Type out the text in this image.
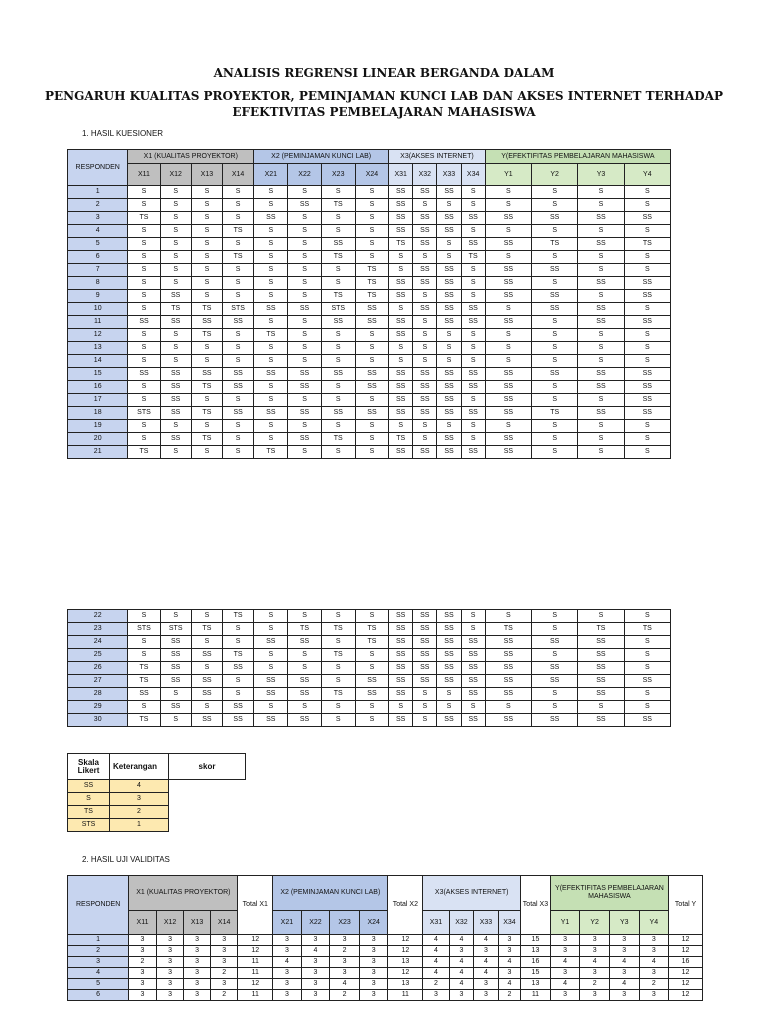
ANALISIS REGRENSI LINEAR BERGANDA DALAM
PENGARUH KUALITAS PROYEKTOR, PEMINJAMAN KUNCI LAB DAN AKSES INTERNET TERHADAP
EFEKTIVITAS PEMBELAJARAN MAHASISWA
1. HASIL KUESIONER
RESPONDEN	X1 (KUALITAS PROYEKTOR)				X2 (PEMINJAMAN KUNCI LAB)				X3(AKSES INTERNET)				Y(EFEKTIFITAS PEMBELAJARAN MAHASISWA			
	X11	X12	X13	X14	X21	X22	X23	X24	X31	X32	X33	X34	Y1	Y2	Y3	Y4
1	S	S	S	S	S	S	S	S	SS	SS	SS	S	S	S	S	S
2	S	S	S	S	S	SS	TS	S	SS	S	S	S	S	S	S	S
3	TS	S	S	S	SS	S	S	S	SS	SS	SS	SS	SS	SS	SS	SS
4	S	S	S	TS	S	S	S	S	SS	SS	SS	S	S	S	S	S
5	S	S	S	S	S	S	SS	S	TS	SS	S	SS	SS	TS	SS	TS
6	S	S	S	TS	S	S	TS	S	S	S	S	TS	S	S	S	S
7	S	S	S	S	S	S	S	TS	S	SS	SS	S	SS	SS	S	S
8	S	S	S	S	S	S	S	TS	SS	SS	SS	S	SS	S	SS	SS
9	S	SS	S	S	S	S	TS	TS	SS	S	SS	S	SS	SS	S	SS
10	S	TS	TS	STS	SS	SS	STS	SS	S	SS	SS	SS	S	SS	SS	S
11	SS	SS	SS	SS	S	S	SS	SS	SS	S	SS	SS	SS	S	SS	SS
12	S	S	TS	S	TS	S	S	S	SS	S	S	S	S	S	S	S
13	S	S	S	S	S	S	S	S	S	S	S	S	S	S	S	S
14	S	S	S	S	S	S	S	S	S	S	S	S	S	S	S	S
15	SS	SS	SS	SS	SS	SS	SS	SS	SS	SS	SS	SS	SS	SS	SS	SS
16	S	SS	TS	SS	S	SS	S	SS	SS	SS	SS	SS	SS	S	SS	SS
17	S	SS	S	S	S	S	S	S	SS	SS	SS	S	SS	S	S	SS
18	STS	SS	TS	SS	SS	SS	SS	SS	SS	SS	SS	SS	SS	TS	SS	SS
19	S	S	S	S	S	S	S	S	S	S	S	S	S	S	S	S
20	S	SS	TS	S	S	SS	TS	S	TS	S	SS	S	SS	S	S	S
21	TS	S	S	S	TS	S	S	S	SS	SS	SS	SS	SS	S	S	S
22	S	S	S	TS	S	S	S	S	SS	SS	SS	S	S	S	S	S
23	STS	STS	TS	S	S	TS	TS	TS	SS	SS	SS	S	TS	S	TS	TS
24	S	SS	S	S	SS	SS	S	TS	SS	SS	SS	SS	SS	SS	SS	S
25	S	SS	SS	TS	S	S	TS	S	SS	SS	SS	SS	SS	S	SS	S
26	TS	SS	S	SS	S	S	S	S	SS	SS	SS	SS	SS	SS	SS	S
27	TS	SS	SS	S	SS	SS	S	SS	SS	SS	SS	SS	SS	SS	SS	SS
28	SS	S	SS	S	SS	SS	TS	SS	SS	S	S	SS	SS	S	SS	S
29	S	SS	S	SS	S	S	S	S	S	S	S	S	S	S	S	S
30	TS	S	SS	SS	SS	SS	S	S	SS	S	SS	SS	SS	SS	SS	SS
Skala Likert	Keterangan	skor
SS	4	
S	3	
TS	2	
STS	1	
2. HASIL UJI VALIDITAS
RESPONDEN	X1 (KUALITAS PROYEKTOR)				Total X1	X2 (PEMINJAMAN KUNCI LAB)				Total X2	X3(AKSES INTERNET)				Total X3	Y(EFEKTIFITAS PEMBELAJARAN MAHASISWA				Total Y
	X11	X12	X13	X14		X21	X22	X23	X24		X31	X32	X33	X34		Y1	Y2	Y3	Y4	
1	3	3	3	3	12	3	3	3	3	12	4	4	4	3	15	3	3	3	3	12
2	3	3	3	3	12	3	4	2	3	12	4	3	3	3	13	3	3	3	3	12
3	2	3	3	3	11	4	3	3	3	13	4	4	4	4	16	4	4	4	4	16
4	3	3	3	2	11	3	3	3	3	12	4	4	4	3	15	3	3	3	3	12
5	3	3	3	3	12	3	3	4	3	13	2	4	3	4	13	4	2	4	2	12
6	3	3	3	2	11	3	3	2	3	11	3	3	3	2	11	3	3	3	3	12
